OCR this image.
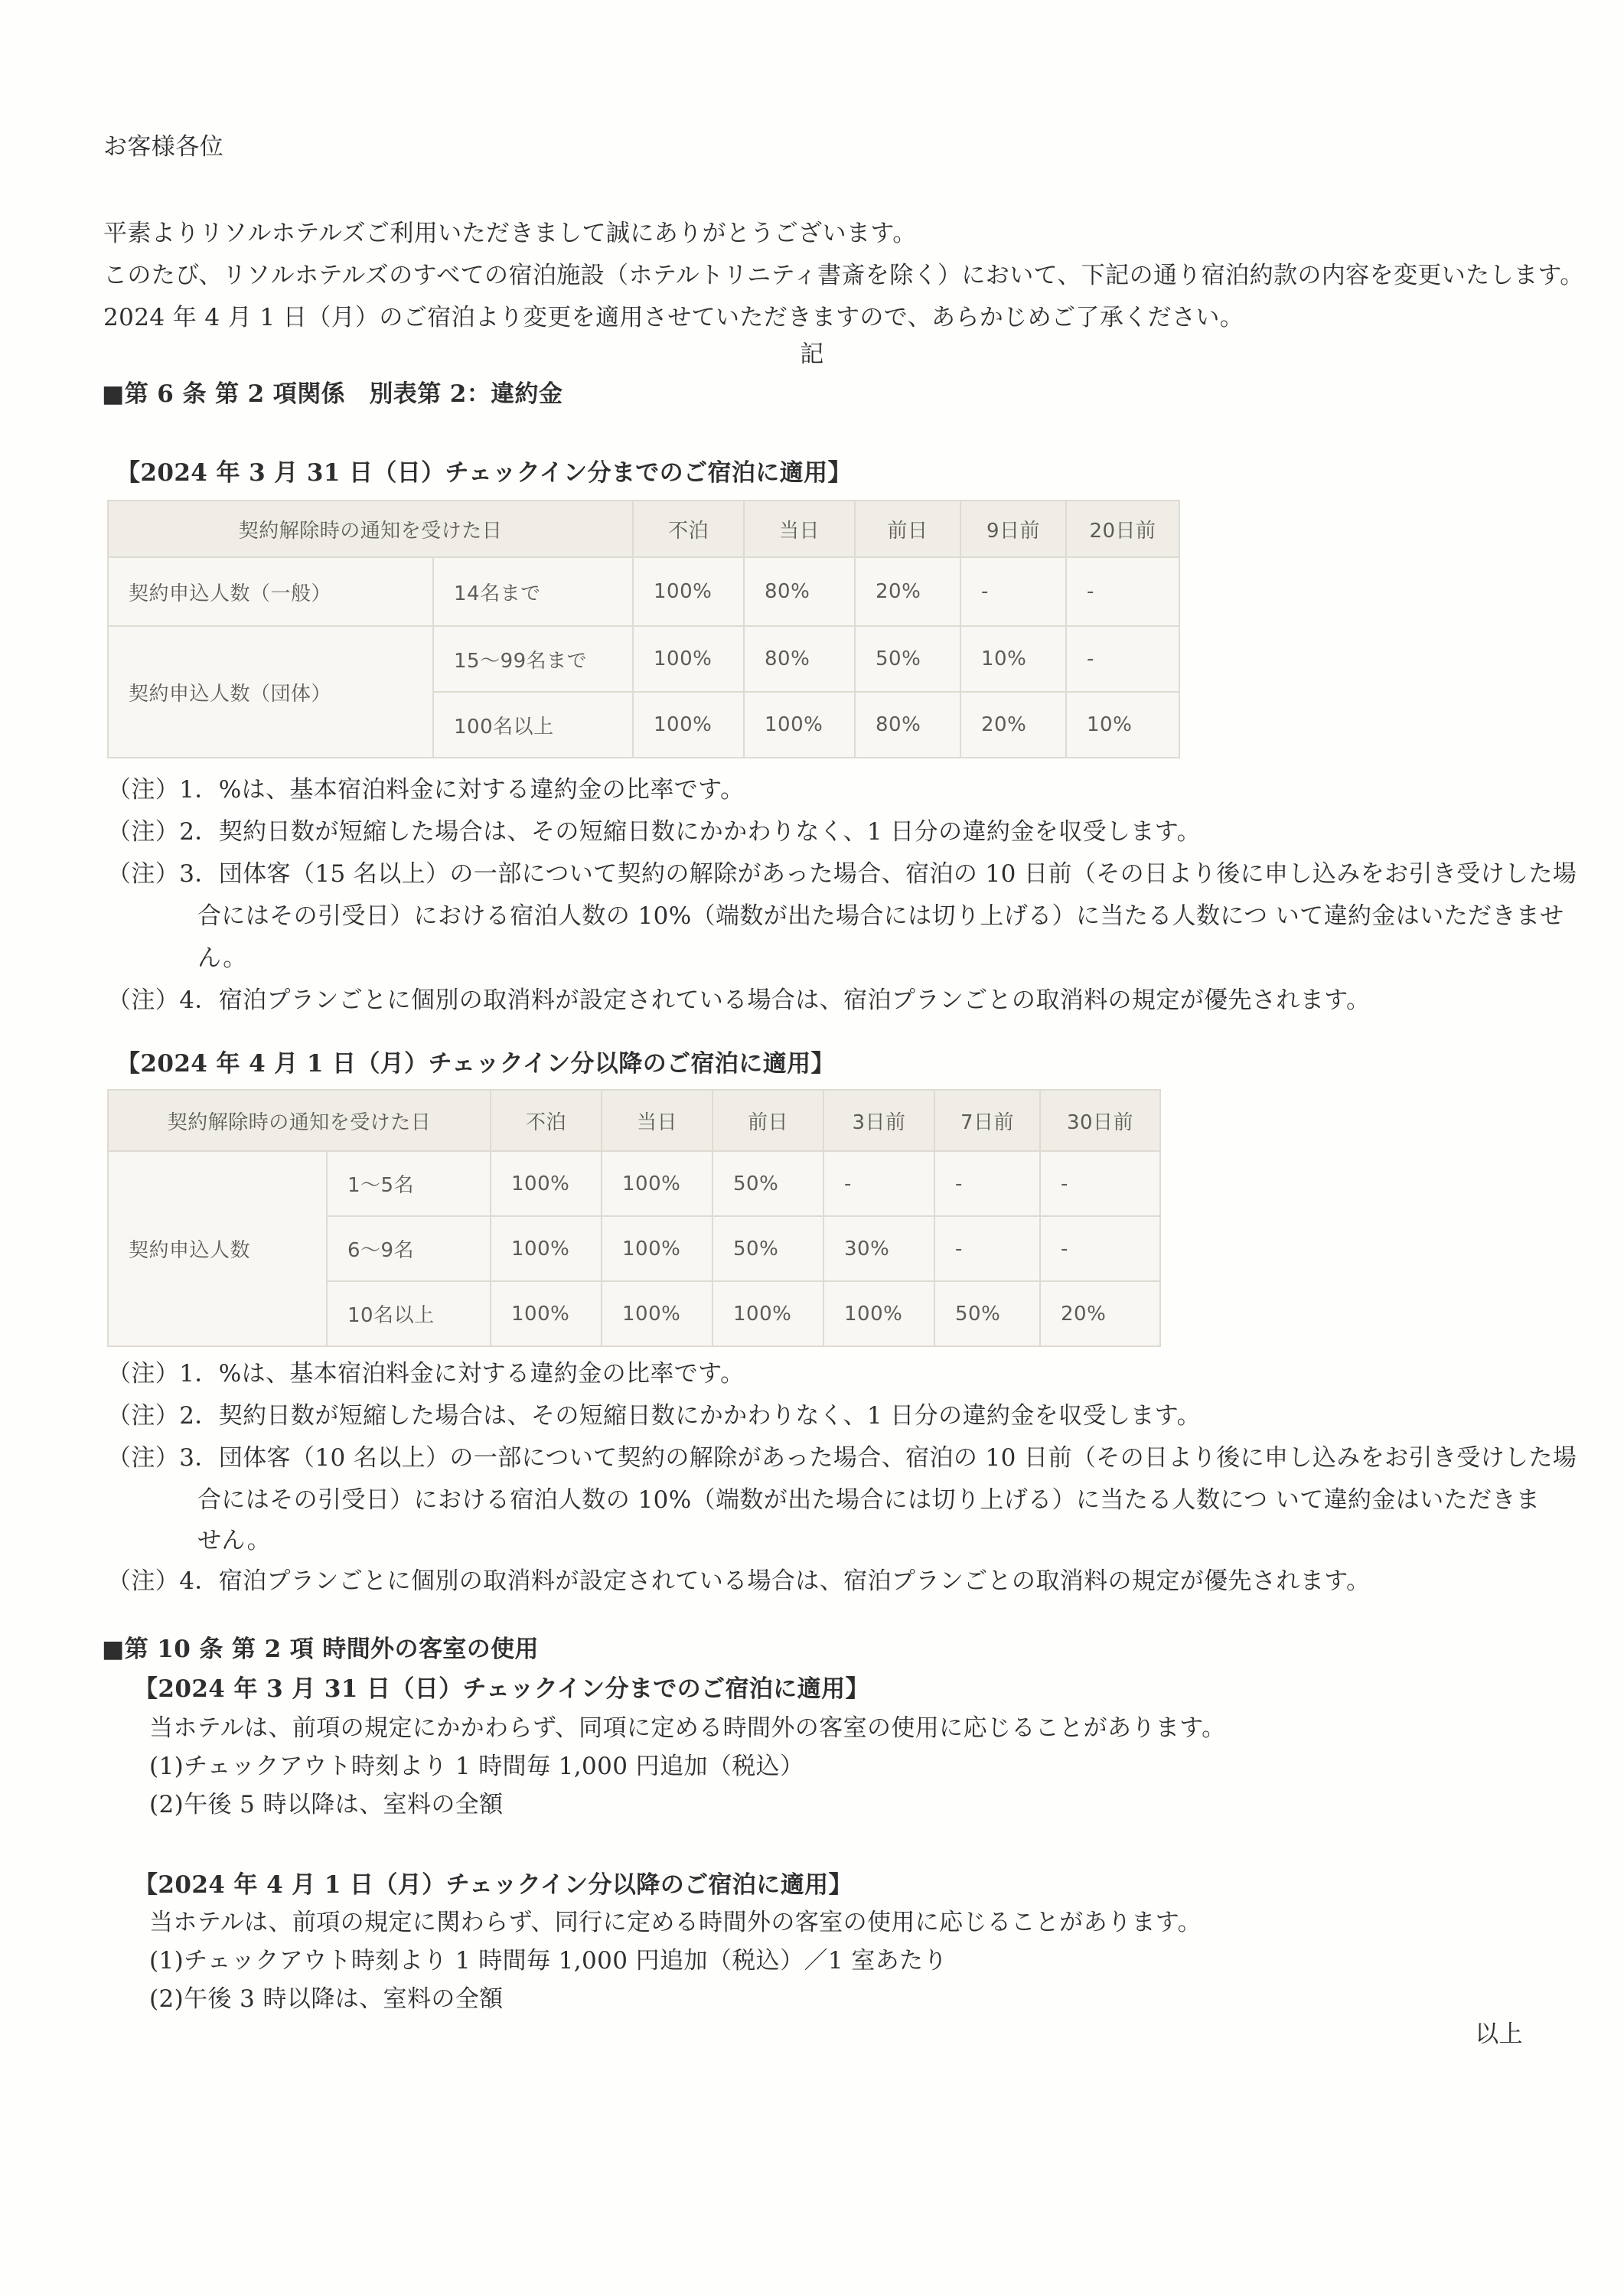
お客様各位
平素よりリソルホテルズご利用いただきまして誠にありがとうございます。
このたび、リソルホテルズのすべての宿泊施設（ホテルトリニティ書斎を除く）において、下記の通り宿泊約款の内容を変更いたします。
2024 年 4 月 1 日（月）のご宿泊より変更を適用させていただきますので、あらかじめご了承ください。
記
■第 6 条 第 2 項関係　別表第 2：違約金
【2024 年 3 月 31 日（日）チェックイン分までのご宿泊に適用】
契約解除時の通知を受けた日		不泊	当日	前日	9日前	20日前
契約申込人数（一般）	14名まで	100%	80%	20%	-	-
契約申込人数（団体）	15～99名まで	100%	80%	50%	10%	-
	100名以上	100%	100%	80%	20%	10%
（注）1．%は、基本宿泊料金に対する違約金の比率です。
（注）2．契約日数が短縮した場合は、その短縮日数にかかわりなく、1 日分の違約金を収受します。
（注）3．団体客（15 名以上）の一部について契約の解除があった場合、宿泊の 10 日前（その日より後に申し込みをお引き受けした場
合にはその引受日）における宿泊人数の 10%（端数が出た場合には切り上げる）に当たる人数につ いて違約金はいただきませ
ん。
（注）4．宿泊プランごとに個別の取消料が設定されている場合は、宿泊プランごとの取消料の規定が優先されます。
【2024 年 4 月 1 日（月）チェックイン分以降のご宿泊に適用】
契約解除時の通知を受けた日		不泊	当日	前日	3日前	7日前	30日前
契約申込人数	1～5名	100%	100%	50%	-	-	-
	6～9名	100%	100%	50%	30%	-	-
	10名以上	100%	100%	100%	100%	50%	20%
（注）1．%は、基本宿泊料金に対する違約金の比率です。
（注）2．契約日数が短縮した場合は、その短縮日数にかかわりなく、1 日分の違約金を収受します。
（注）3．団体客（10 名以上）の一部について契約の解除があった場合、宿泊の 10 日前（その日より後に申し込みをお引き受けした場
合にはその引受日）における宿泊人数の 10%（端数が出た場合には切り上げる）に当たる人数につ いて違約金はいただきま
せん。
（注）4．宿泊プランごとに個別の取消料が設定されている場合は、宿泊プランごとの取消料の規定が優先されます。
■第 10 条 第 2 項 時間外の客室の使用
【2024 年 3 月 31 日（日）チェックイン分までのご宿泊に適用】
当ホテルは、前項の規定にかかわらず、同項に定める時間外の客室の使用に応じることがあります。
(1)チェックアウト時刻より 1 時間毎 1,000 円追加（税込）
(2)午後 5 時以降は、室料の全額
【2024 年 4 月 1 日（月）チェックイン分以降のご宿泊に適用】
当ホテルは、前項の規定に関わらず、同行に定める時間外の客室の使用に応じることがあります。
(1)チェックアウト時刻より 1 時間毎 1,000 円追加（税込）／1 室あたり
(2)午後 3 時以降は、室料の全額
以上
